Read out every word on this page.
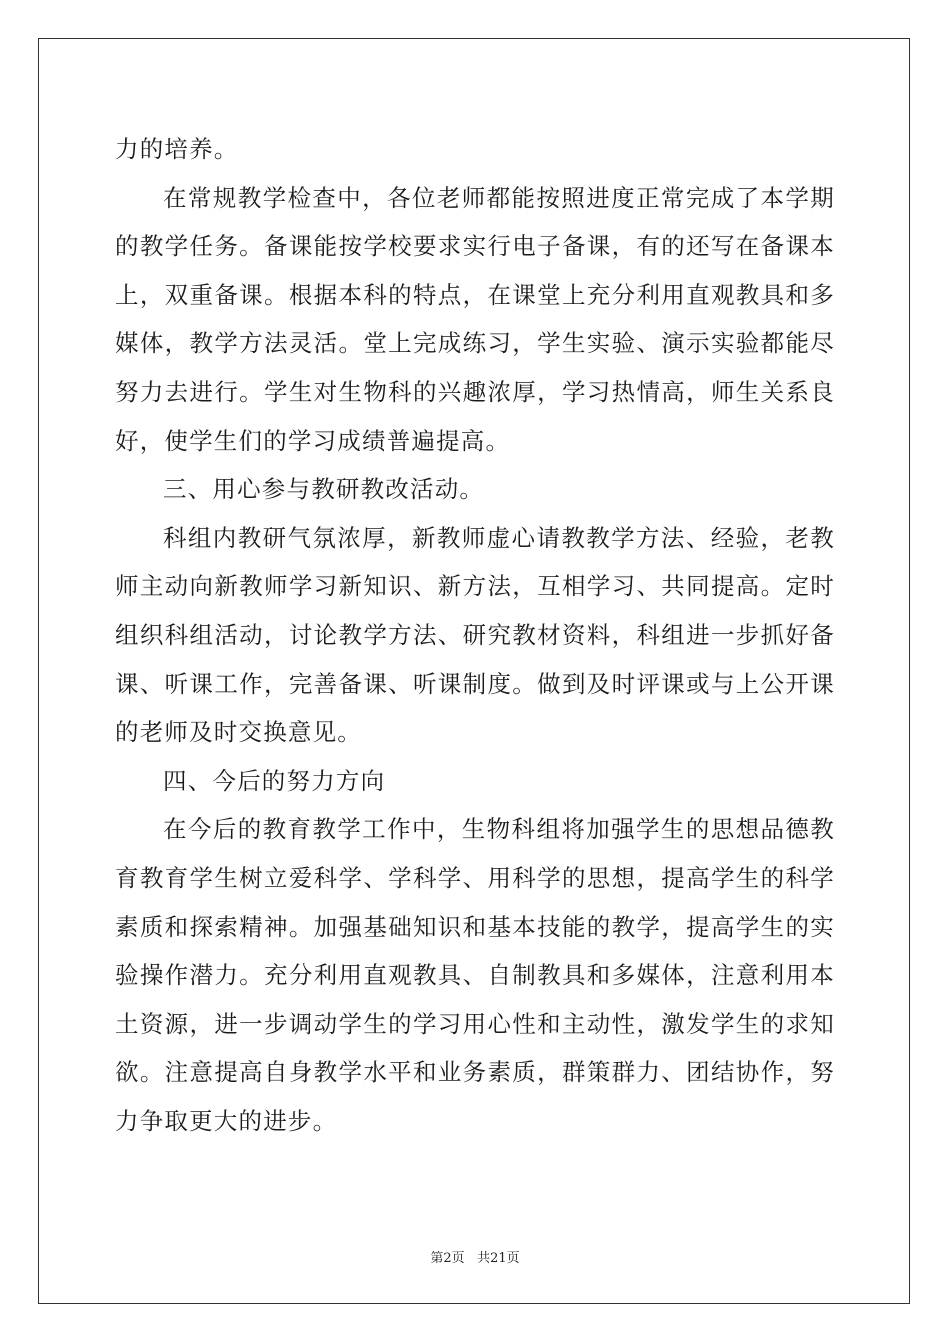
力的培养。

在常规教学检查中，各位老师都能按照进度正常完成了本学期的教学任务。备课能按学校要求实行电子备课，有的还写在备课本上，双重备课。根据本科的特点，在课堂上充分利用直观教具和多媒体，教学方法灵活。堂上完成练习，学生实验、演示实验都能尽努力去进行。学生对生物科的兴趣浓厚，学习热情高，师生关系良好，使学生们的学习成绩普遍提高。

三、用心参与教研教改活动。

科组内教研气氛浓厚，新教师虚心请教教学方法、经验，老教师主动向新教师学习新知识、新方法，互相学习、共同提高。定时组织科组活动，讨论教学方法、研究教材资料，科组进一步抓好备课、听课工作，完善备课、听课制度。做到及时评课或与上公开课的老师及时交换意见。

四、今后的努力方向

在今后的教育教学工作中，生物科组将加强学生的思想品德教育教育学生树立爱科学、学科学、用科学的思想，提高学生的科学素质和探索精神。加强基础知识和基本技能的教学，提高学生的实验操作潜力。充分利用直观教具、自制教具和多媒体，注意利用本土资源，进一步调动学生的学习用心性和主动性，激发学生的求知欲。注意提高自身教学水平和业务素质，群策群力、团结协作，努力争取更大的进步。

第2页 共21页
